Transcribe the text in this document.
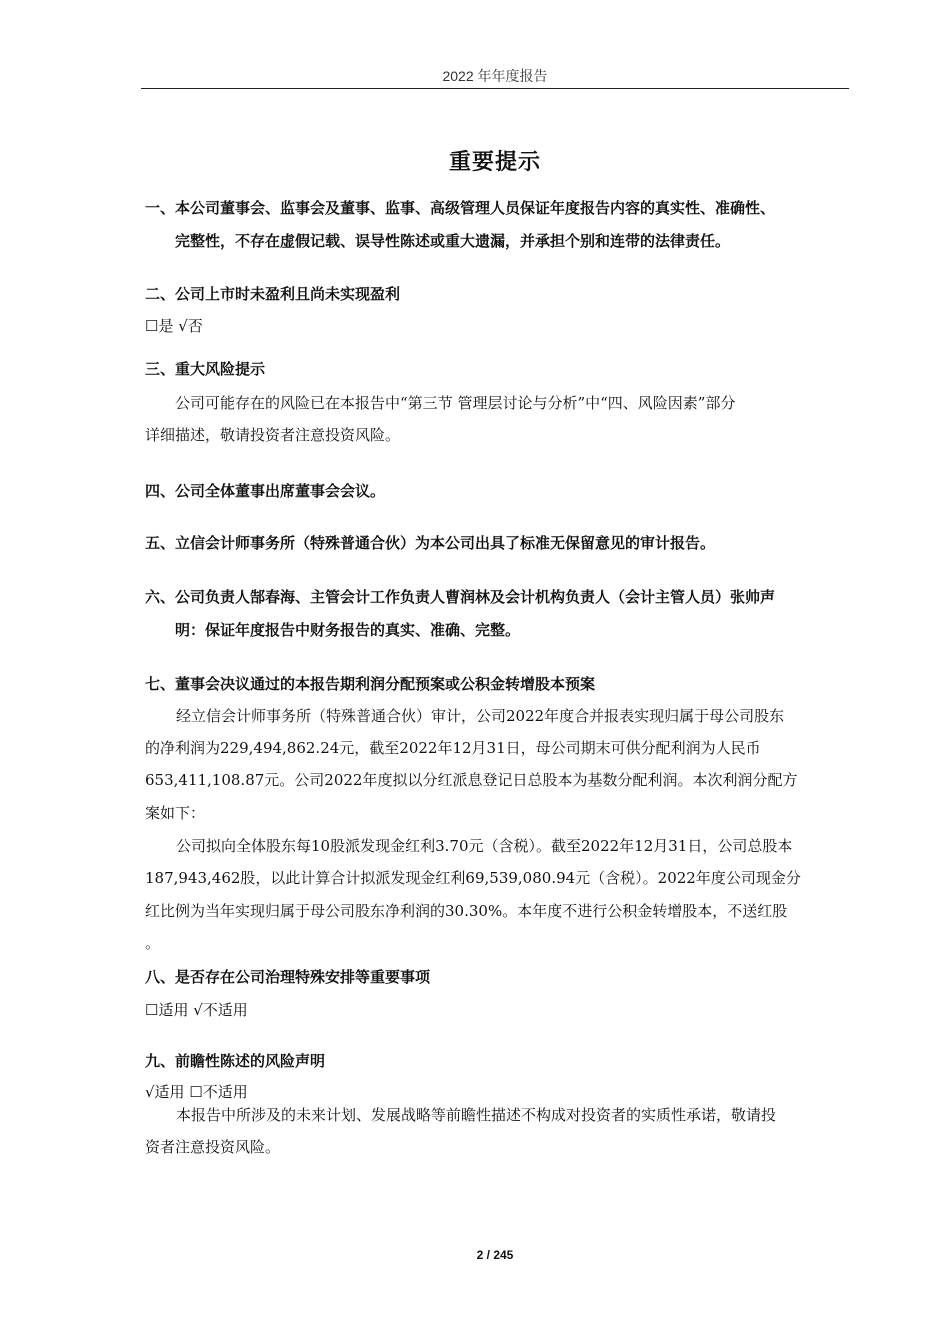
2022 年年度报告
重要提示
一、本公司董事会、监事会及董事、监事、高级管理人员保证年度报告内容的真实性、准确性、
完整性，不存在虚假记载、误导性陈述或重大遗漏，并承担个别和连带的法律责任。
二、公司上市时未盈利且尚未实现盈利
☐是 √否
三、重大风险提示
公司可能存在的风险已在本报告中“第三节 管理层讨论与分析”中“四、风险因素”部分
详细描述，敬请投资者注意投资风险。
四、公司全体董事出席董事会会议。
五、立信会计师事务所（特殊普通合伙）为本公司出具了标准无保留意见的审计报告。
六、公司负责人郜春海、主管会计工作负责人曹润林及会计机构负责人（会计主管人员）张帅声
明：保证年度报告中财务报告的真实、准确、完整。
七、董事会决议通过的本报告期利润分配预案或公积金转增股本预案
经立信会计师事务所（特殊普通合伙）审计，公司2022年度合并报表实现归属于母公司股东
的净利润为229,494,862.24元，截至2022年12月31日，母公司期末可供分配利润为人民币
653,411,108.87元。公司2022年度拟以分红派息登记日总股本为基数分配利润。本次利润分配方
案如下：
公司拟向全体股东每10股派发现金红利3.70元（含税）。截至2022年12月31日，公司总股本
187,943,462股，以此计算合计拟派发现金红利69,539,080.94元（含税）。2022年度公司现金分
红比例为当年实现归属于母公司股东净利润的30.30%。本年度不进行公积金转增股本，不送红股
。
八、是否存在公司治理特殊安排等重要事项
☐适用 √不适用
九、前瞻性陈述的风险声明
√适用 ☐不适用
本报告中所涉及的未来计划、发展战略等前瞻性描述不构成对投资者的实质性承诺，敬请投
资者注意投资风险。
2 / 245
